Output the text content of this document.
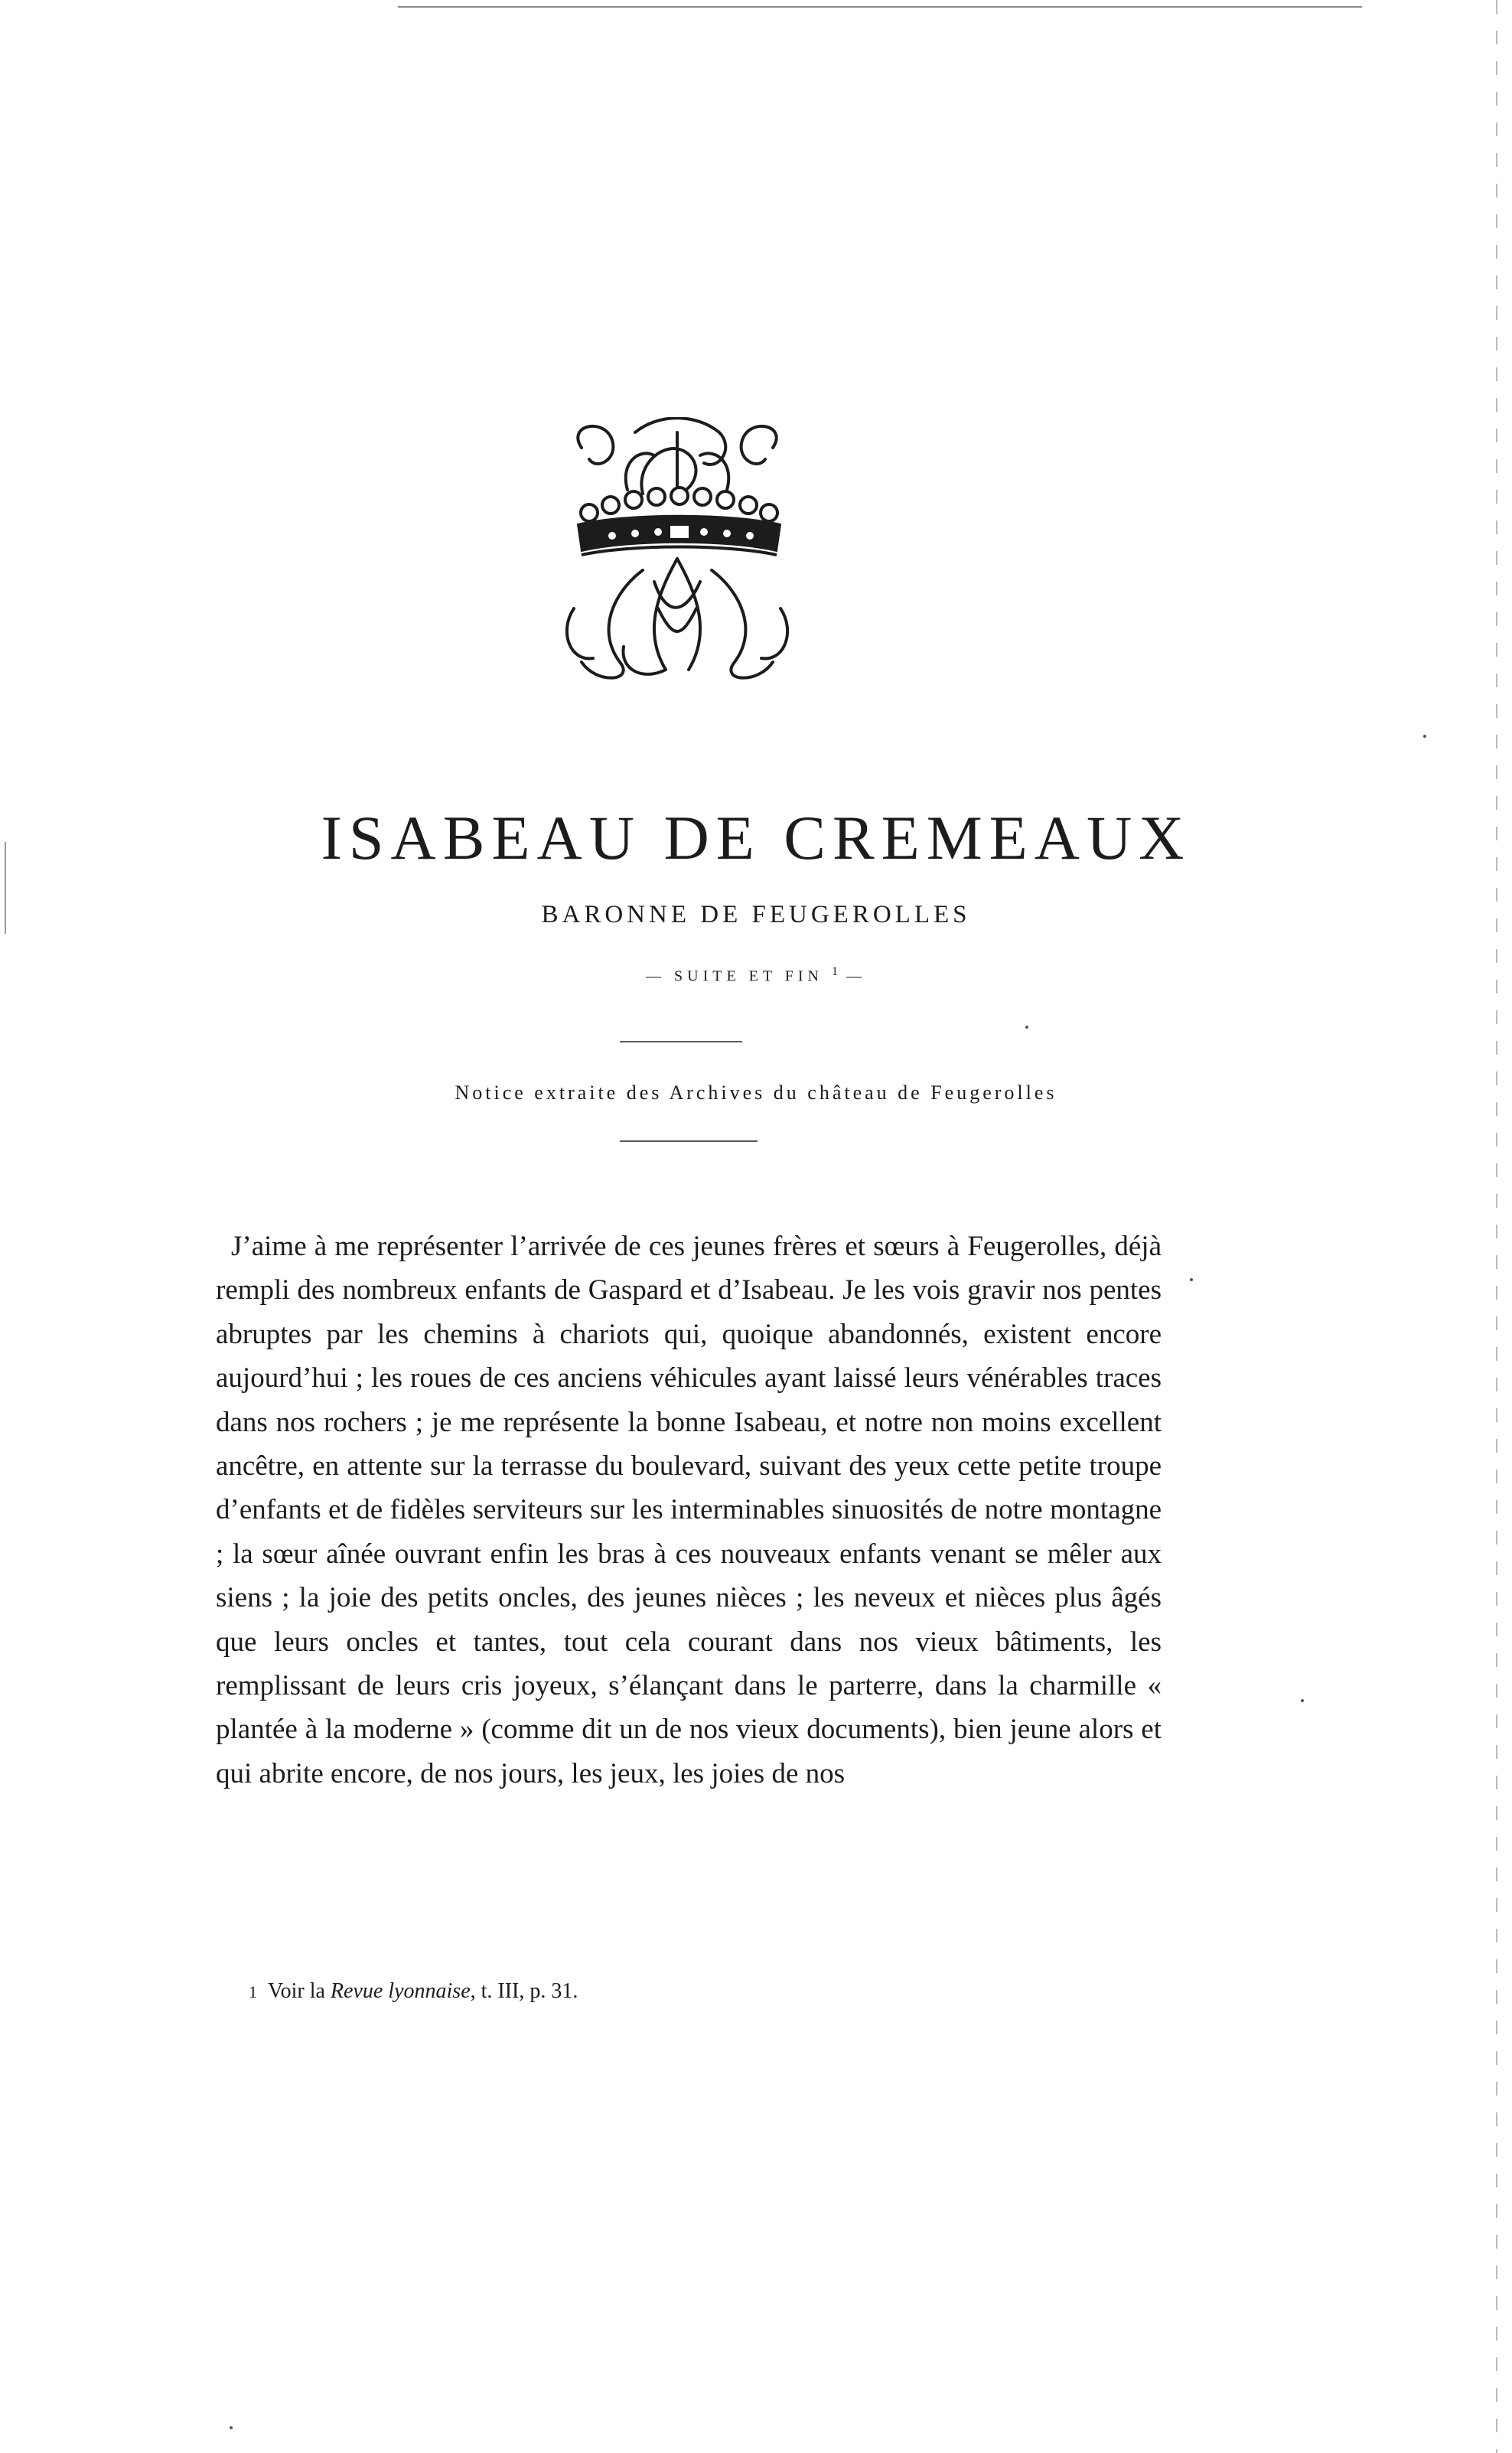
ISABEAU DE CREMEAUX
BARONNE DE FEUGEROLLES
— SUITE ET FIN $^1$ —
Notice extraite des Archives du château de Feugerolles

J’aime à me représenter l’arrivée de ces jeunes frères et sœurs à Feugerolles, déjà rempli des nombreux enfants de Gaspard et d’Isabeau. Je les vois gravir nos pentes abruptes par les chemins à chariots qui, quoique abandonnés, existent encore aujourd’hui ; les roues de ces anciens véhicules ayant laissé leurs vénérables traces dans nos rochers ; je me représente la bonne Isabeau, et notre non moins excellent ancêtre, en attente sur la terrasse du boulevard, suivant des yeux cette petite troupe d’enfants et de fidèles serviteurs sur les interminables sinuosités de notre montagne ; la sœur aînée ouvrant enfin les bras à ces nouveaux enfants venant se mêler aux siens ; la joie des petits oncles, des jeunes nièces ; les neveux et nièces plus âgés que leurs oncles et tantes, tout cela courant dans nos vieux bâtiments, les remplissant de leurs cris joyeux, s’élançant dans le parterre, dans la charmille « plantée à la moderne » (comme dit un de nos vieux documents), bien jeune alors et qui abrite encore, de nos jours, les jeux, les joies de nos

1 Voir la Revue lyonnaise, t. III, p. 31.
